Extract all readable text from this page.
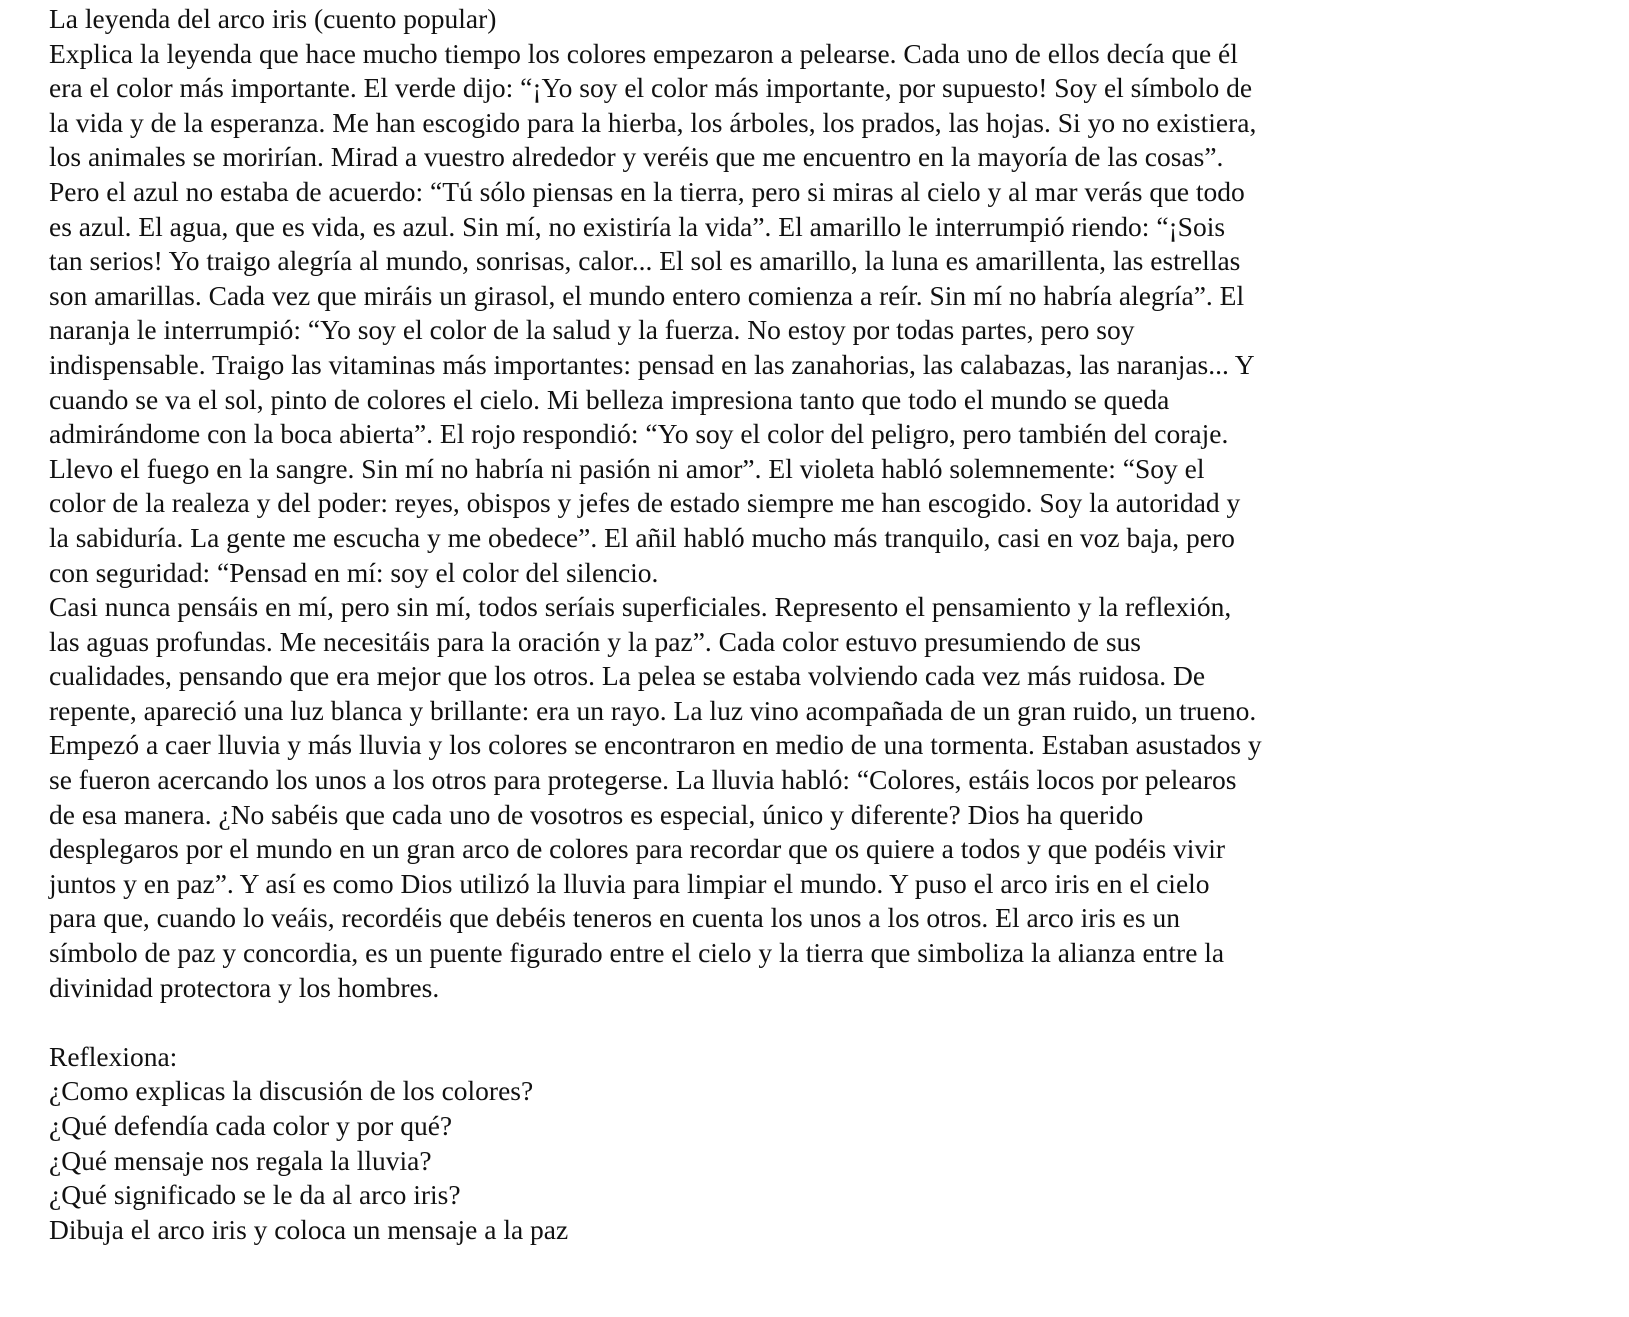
La leyenda del arco iris (cuento popular)

Explica la leyenda que hace mucho tiempo los colores empezaron a pelearse. Cada uno de ellos decía que él

era el color más importante. El verde dijo: “¡Yo soy el color más importante, por supuesto! Soy el símbolo de

la vida y de la esperanza. Me han escogido para la hierba, los árboles, los prados, las hojas. Si yo no existiera,

los animales se morirían. Mirad a vuestro alrededor y veréis que me encuentro en la mayoría de las cosas”.

Pero el azul no estaba de acuerdo: “Tú sólo piensas en la tierra, pero si miras al cielo y al mar verás que todo

es azul. El agua, que es vida, es azul. Sin mí, no existiría la vida”. El amarillo le interrumpió riendo: “¡Sois

tan serios! Yo traigo alegría al mundo, sonrisas, calor... El sol es amarillo, la luna es amarillenta, las estrellas

son amarillas. Cada vez que miráis un girasol, el mundo entero comienza a reír. Sin mí no habría alegría”. El

naranja le interrumpió: “Yo soy el color de la salud y la fuerza. No estoy por todas partes, pero soy

indispensable. Traigo las vitaminas más importantes: pensad en las zanahorias, las calabazas, las naranjas... Y

cuando se va el sol, pinto de colores el cielo. Mi belleza impresiona tanto que todo el mundo se queda

admirándome con la boca abierta”. El rojo respondió: “Yo soy el color del peligro, pero también del coraje.

Llevo el fuego en la sangre. Sin mí no habría ni pasión ni amor”. El violeta habló solemnemente: “Soy el

color de la realeza y del poder: reyes, obispos y jefes de estado siempre me han escogido. Soy la autoridad y

la sabiduría. La gente me escucha y me obedece”. El añil habló mucho más tranquilo, casi en voz baja, pero

con seguridad: “Pensad en mí: soy el color del silencio.

Casi nunca pensáis en mí, pero sin mí, todos seríais superficiales. Represento el pensamiento y la reflexión,

las aguas profundas. Me necesitáis para la oración y la paz”. Cada color estuvo presumiendo de sus

cualidades, pensando que era mejor que los otros. La pelea se estaba volviendo cada vez más ruidosa. De

repente, apareció una luz blanca y brillante: era un rayo. La luz vino acompañada de un gran ruido, un trueno.

Empezó a caer lluvia y más lluvia y los colores se encontraron en medio de una tormenta. Estaban asustados y

se fueron acercando los unos a los otros para protegerse. La lluvia habló: “Colores, estáis locos por pelearos

de esa manera. ¿No sabéis que cada uno de vosotros es especial, único y diferente? Dios ha querido

desplegaros por el mundo en un gran arco de colores para recordar que os quiere a todos y que podéis vivir

juntos y en paz”. Y así es como Dios utilizó la lluvia para limpiar el mundo. Y puso el arco iris en el cielo

para que, cuando lo veáis, recordéis que debéis teneros en cuenta los unos a los otros. El arco iris es un

símbolo de paz y concordia, es un puente figurado entre el cielo y la tierra que simboliza la alianza entre la

divinidad protectora y los hombres.

Reflexiona:

¿Como explicas la discusión de los colores?

¿Qué defendía cada color y por qué?

¿Qué mensaje nos regala la lluvia?

¿Qué significado se le da al arco iris?

Dibuja el arco iris y coloca un mensaje a la paz
